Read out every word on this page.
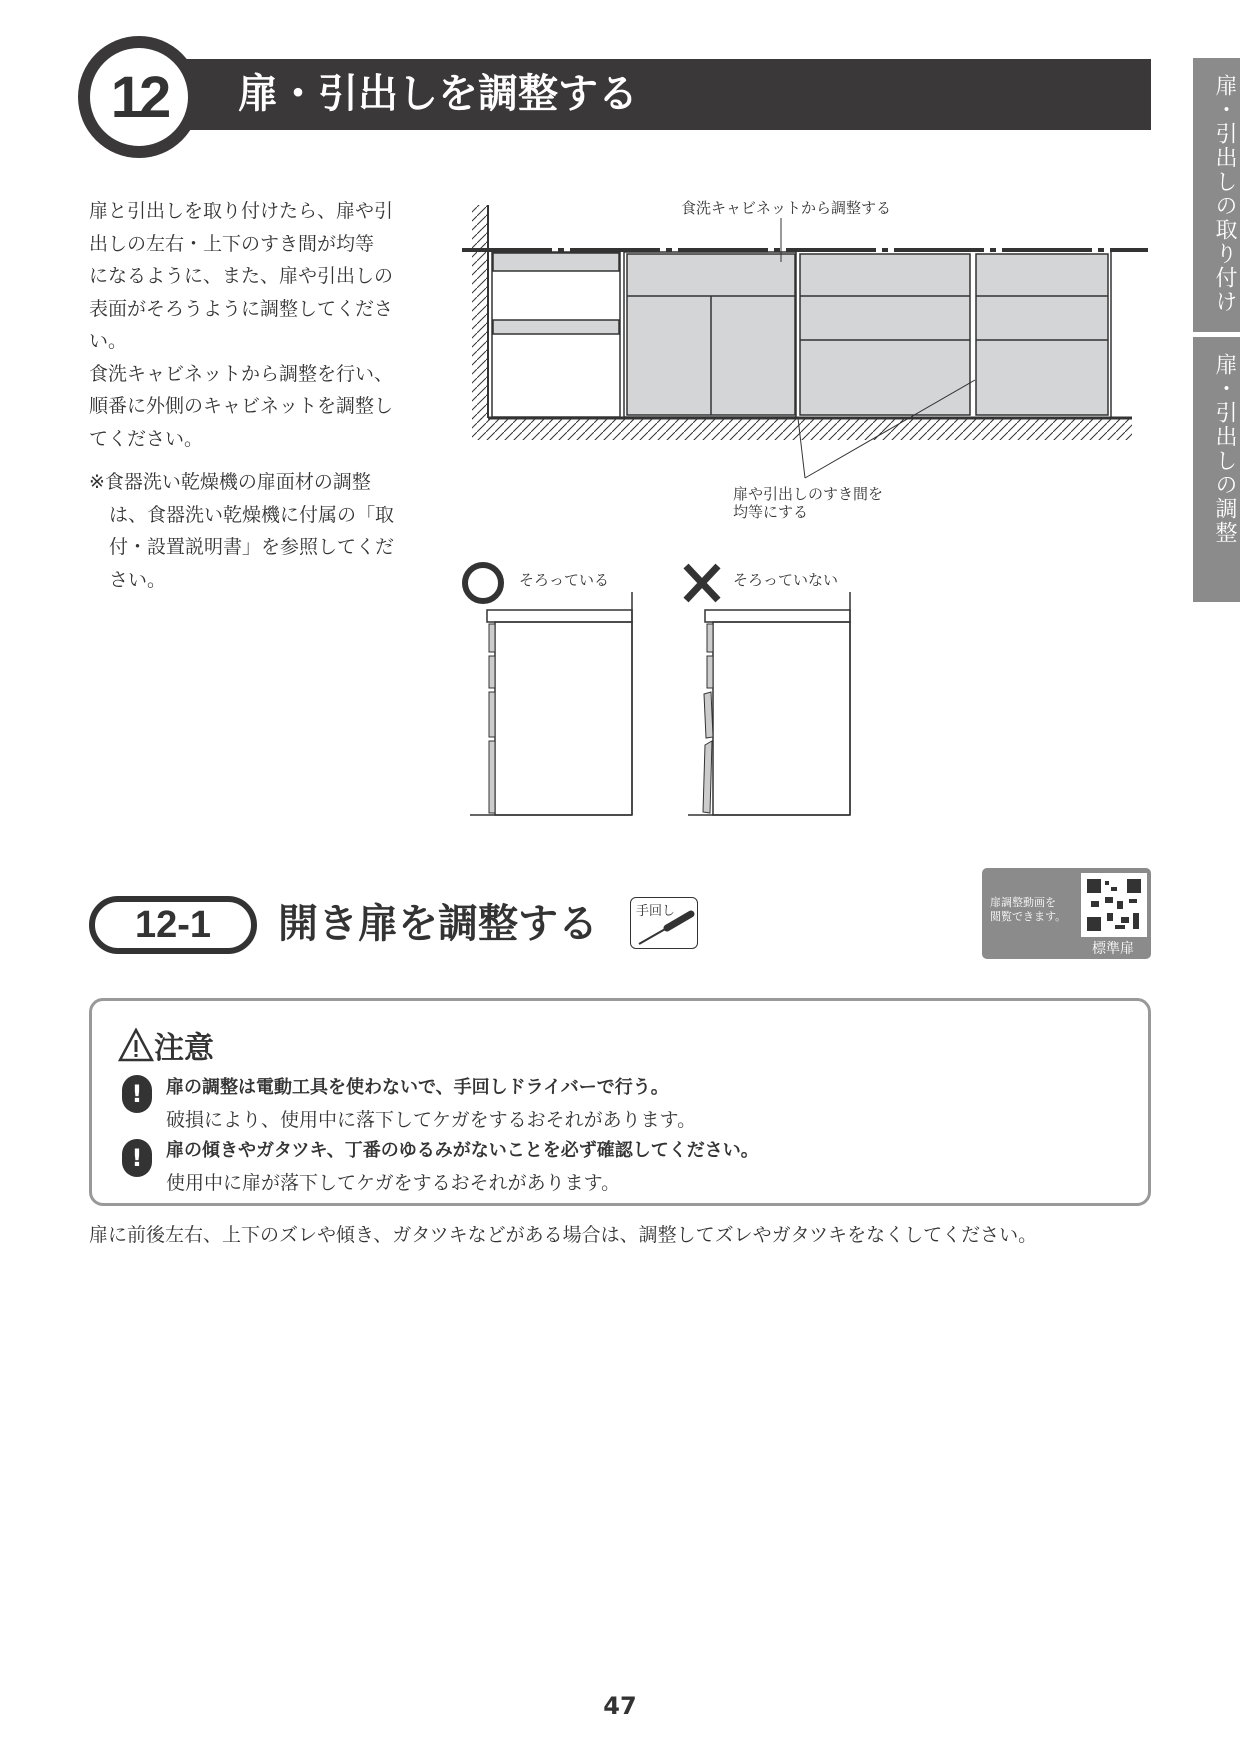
12	扉・引出しを調整する	扉・引出しの取り付け
扉・引出しの調整
扉と引出しを取り付けたら、扉や引
出しの左右・上下のすき間が均等
になるように、また、扉や引出しの
表面がそろうように調整してくださ
い。
食洗キャビネットから調整を行い、
順番に外側のキャビネットを調整し
てください。
※食器洗い乾燥機の扉面材の調整
は、食器洗い乾燥機に付属の「取
付・設置説明書」を参照してくだ
さい。
食洗キャビネットから調整する
扉や引出しのすき間を
均等にする
そろっている	そろっていない
12-1	開き扉を調整する	手回し
扉調整動画を
閲覧できます。
標準扉
注意
!	扉の調整は電動工具を使わないで、手回しドライバーで行う。
破損により、使用中に落下してケガをするおそれがあります。
!	扉の傾きやガタツキ、丁番のゆるみがないことを必ず確認してください。
使用中に扉が落下してケガをするおそれがあります。
扉に前後左右、上下のズレや傾き、ガタツキなどがある場合は、調整してズレやガタツキをなくしてください。
47
